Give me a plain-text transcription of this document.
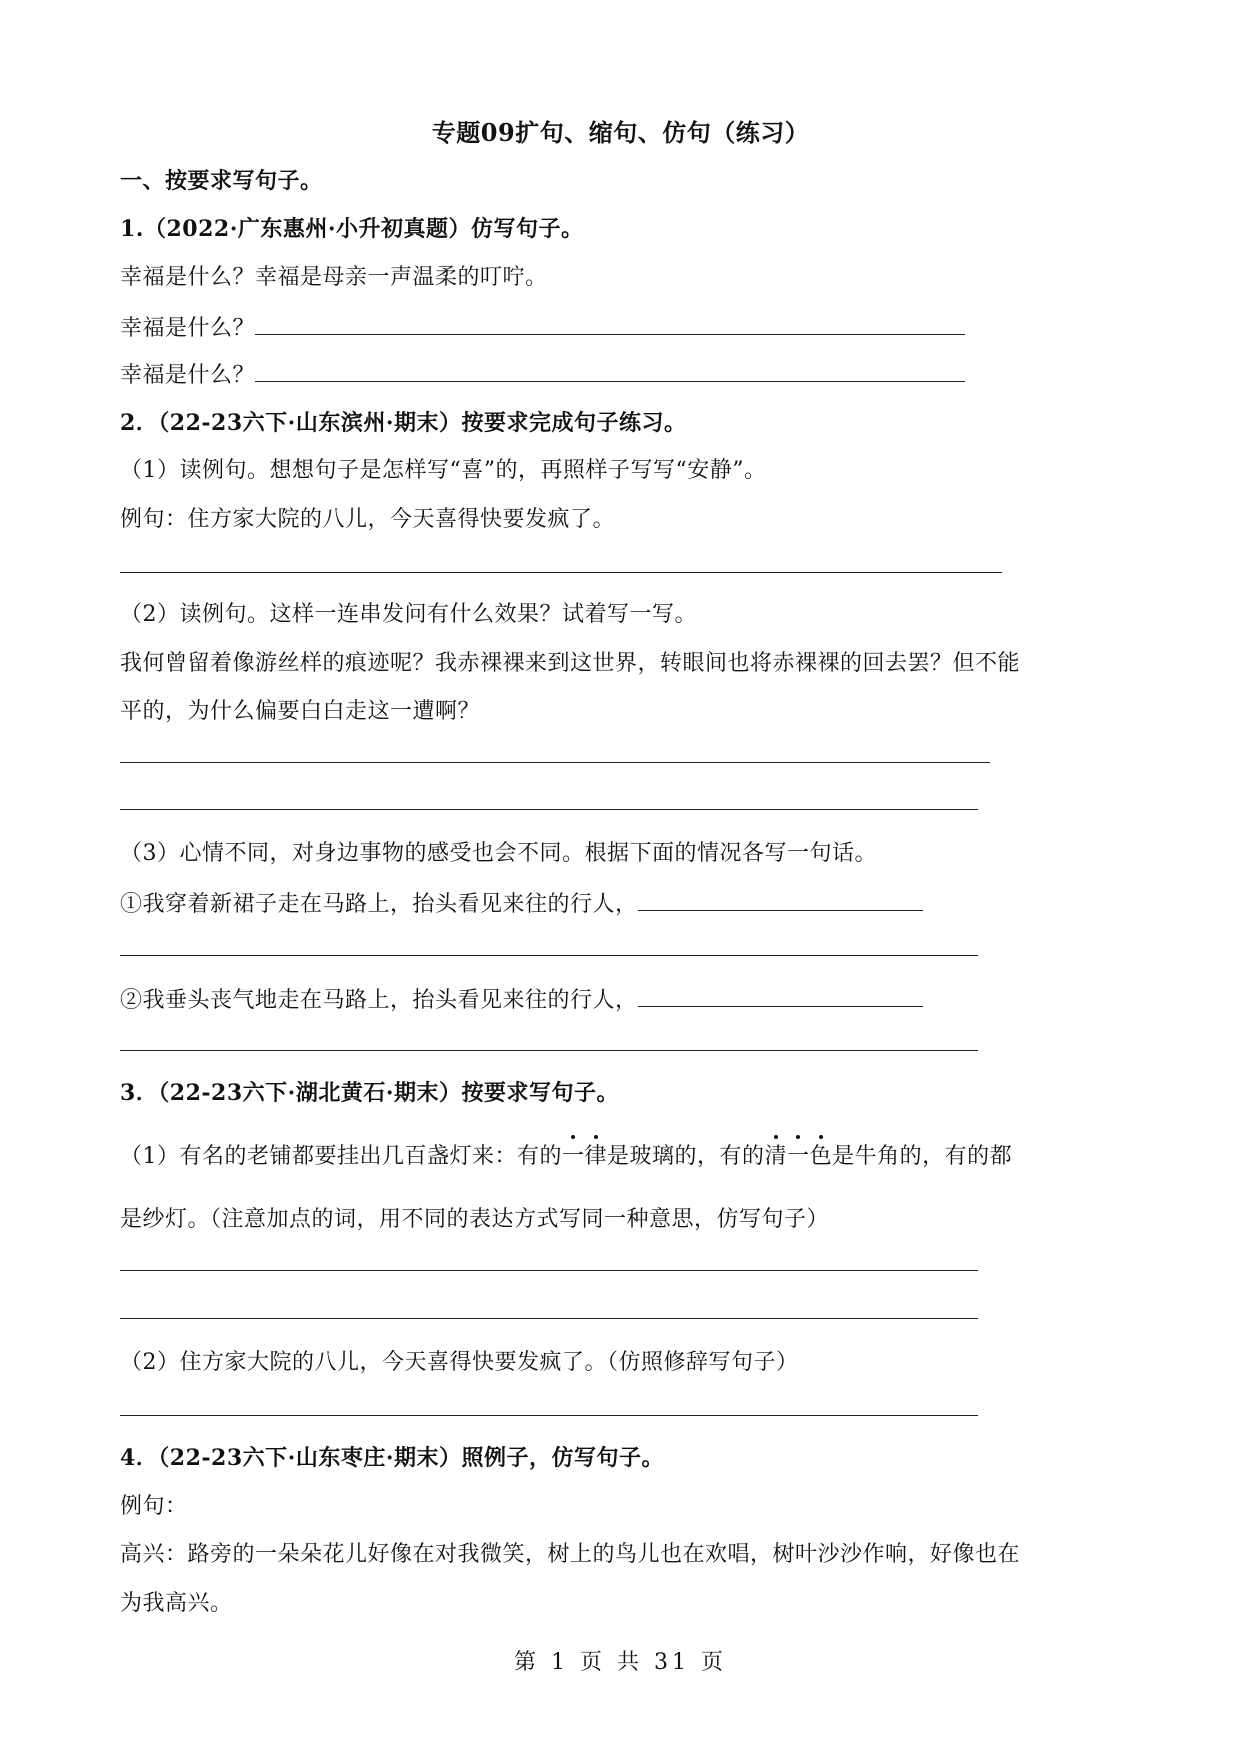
专题09扩句、缩句、仿句（练习）
一、按要求写句子。
1.（2022·广东惠州·小升初真题）仿写句子。
幸福是什么？幸福是母亲一声温柔的叮咛。
幸福是什么？
幸福是什么？
2．（22-23六下·山东滨州·期末）按要求完成句子练习。
（1）读例句。想想句子是怎样写“喜”的，再照样子写写“安静”。
例句：住方家大院的八儿，今天喜得快要发疯了。
（2）读例句。这样一连串发问有什么效果？试着写一写。
我何曾留着像游丝样的痕迹呢？我赤裸裸来到这世界，转眼间也将赤裸裸的回去罢？但不能
平的，为什么偏要白白走这一遭啊？
（3）心情不同，对身边事物的感受也会不同。根据下面的情况各写一句话。
①我穿着新裙子走在马路上，抬头看见来往的行人，
②我垂头丧气地走在马路上，抬头看见来往的行人，
3．（22-23六下·湖北黄石·期末）按要求写句子。
（1）有名的老铺都要挂出几百盏灯来：有的一律是玻璃的，有的清一色是牛角的，有的都
是纱灯。（注意加点的词，用不同的表达方式写同一种意思，仿写句子）
（2）住方家大院的八儿，今天喜得快要发疯了。（仿照修辞写句子）
4．（22-23六下·山东枣庄·期末）照例子，仿写句子。
例句：
高兴：路旁的一朵朵花儿好像在对我微笑，树上的鸟儿也在欢唱，树叶沙沙作响，好像也在
为我高兴。
第 1 页 共 31 页
